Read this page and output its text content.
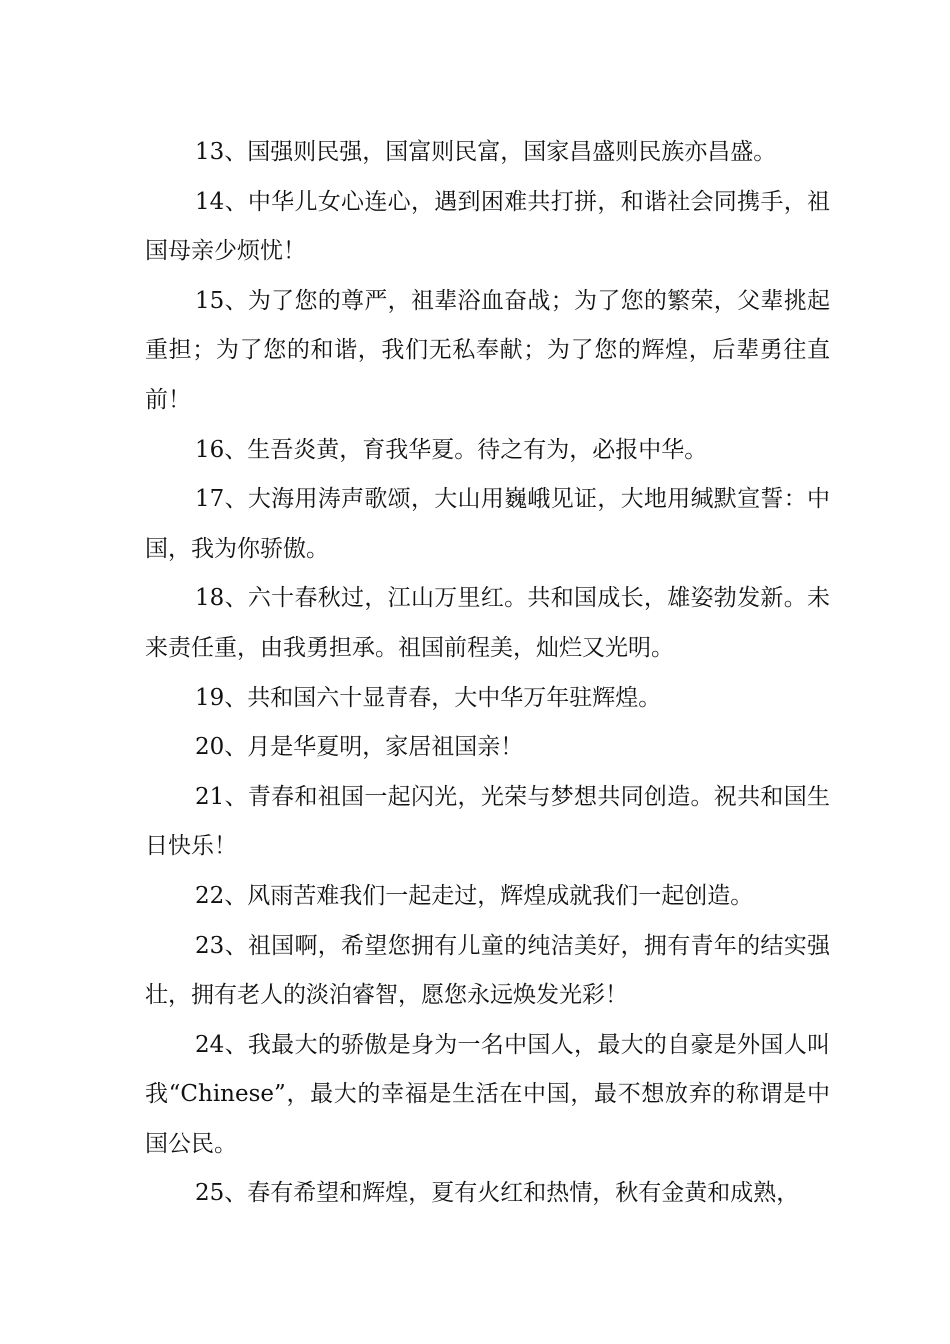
13、国强则民强，国富则民富，国家昌盛则民族亦昌盛。

14、中华儿女心连心，遇到困难共打拼，和谐社会同携手，祖国母亲少烦忧！

15、为了您的尊严，祖辈浴血奋战；为了您的繁荣，父辈挑起重担；为了您的和谐，我们无私奉献；为了您的辉煌，后辈勇往直前！

16、生吾炎黄，育我华夏。待之有为，必报中华。

17、大海用涛声歌颂，大山用巍峨见证，大地用缄默宣誓：中国，我为你骄傲。

18、六十春秋过，江山万里红。共和国成长，雄姿勃发新。未来责任重，由我勇担承。祖国前程美，灿烂又光明。

19、共和国六十显青春，大中华万年驻辉煌。

20、月是华夏明，家居祖国亲！

21、青春和祖国一起闪光，光荣与梦想共同创造。祝共和国生日快乐！

22、风雨苦难我们一起走过，辉煌成就我们一起创造。

23、祖国啊，希望您拥有儿童的纯洁美好，拥有青年的结实强壮，拥有老人的淡泊睿智，愿您永远焕发光彩！

24、我最大的骄傲是身为一名中国人，最大的自豪是外国人叫我“Chinese”，最大的幸福是生活在中国，最不想放弃的称谓是中国公民。

25、春有希望和辉煌，夏有火红和热情，秋有金黄和成熟，
